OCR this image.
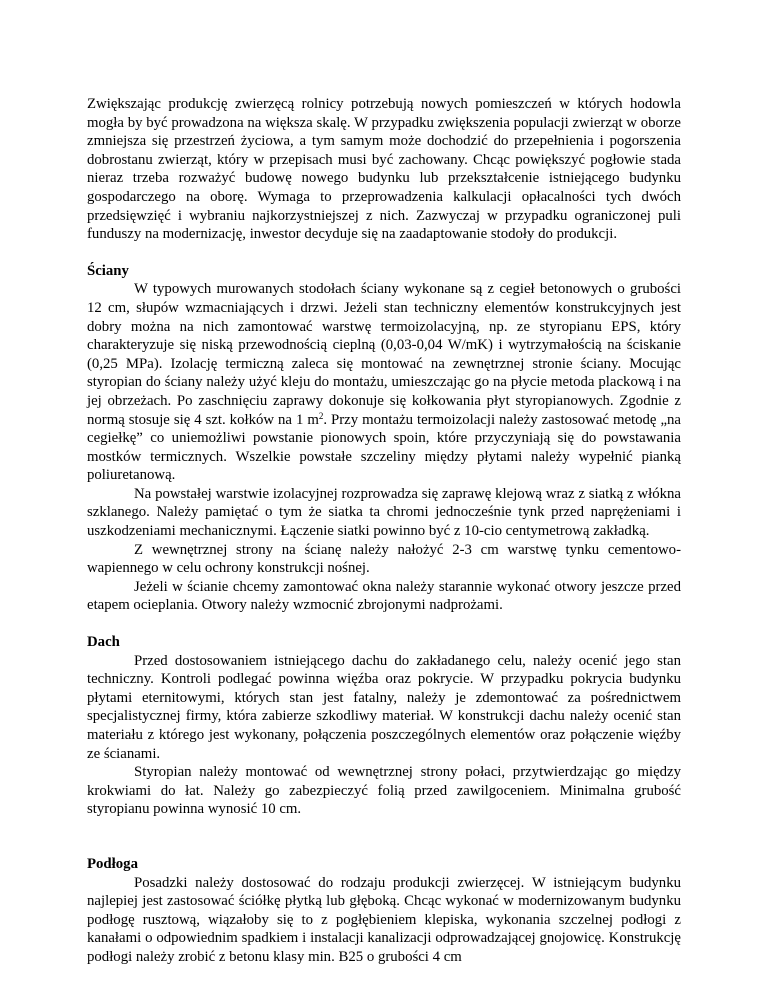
Zwiększając produkcję zwierzęcą rolnicy potrzebują nowych pomieszczeń w których hodowla mogła by być prowadzona na większa skalę. W przypadku zwiększenia populacji zwierząt w oborze zmniejsza się przestrzeń życiowa, a tym samym może dochodzić do przepełnienia i pogorszenia dobrostanu zwierząt, który w przepisach musi być zachowany. Chcąc powiększyć pogłowie stada nieraz trzeba rozważyć budowę nowego budynku lub przekształcenie istniejącego budynku gospodarczego na oborę. Wymaga to przeprowadzenia kalkulacji opłacalności tych dwóch przedsięwzięć i wybraniu najkorzystniejszej z nich. Zazwyczaj w przypadku ograniczonej puli funduszy na modernizację, inwestor decyduje się na zaadaptowanie stodoły do produkcji.

Ściany

W typowych murowanych stodołach ściany wykonane są z cegieł betonowych o grubości 12 cm, słupów wzmacniających i drzwi. Jeżeli stan techniczny elementów konstrukcyjnych jest dobry można na nich zamontować warstwę termoizolacyjną, np. ze styropianu EPS, który charakteryzuje się niską przewodnością cieplną (0,03-0,04 W/mK) i wytrzymałością na ściskanie (0,25 MPa). Izolację termiczną zaleca się montować na zewnętrznej stronie ściany. Mocując styropian do ściany należy użyć kleju do montażu, umieszczając go na płycie metoda plackową i na jej obrzeżach. Po zaschnięciu zaprawy dokonuje się kołkowania płyt styropianowych. Zgodnie z normą stosuje się 4 szt. kołków na 1 $m^2$. Przy montażu termoizolacji należy zastosować metodę „na cegiełkę” co uniemożliwi powstanie pionowych spoin, które przyczyniają się do powstawania mostków termicznych. Wszelkie powstałe szczeliny między płytami należy wypełnić pianką poliuretanową.

Na powstałej warstwie izolacyjnej rozprowadza się zaprawę klejową wraz z siatką z włókna szklanego. Należy pamiętać o tym że siatka ta chromi jednocześnie tynk przed naprężeniami i uszkodzeniami mechanicznymi. Łączenie siatki powinno być z 10-cio centymetrową zakładką.

Z wewnętrznej strony na ścianę należy nałożyć 2-3 cm warstwę tynku cementowo-wapiennego w celu ochrony konstrukcji nośnej.

Jeżeli w ścianie chcemy zamontować okna należy starannie wykonać otwory jeszcze przed etapem ocieplania. Otwory należy wzmocnić zbrojonymi nadprożami.

Dach

Przed dostosowaniem istniejącego dachu do zakładanego celu, należy ocenić jego stan techniczny. Kontroli podlegać powinna więźba oraz pokrycie. W przypadku pokrycia budynku płytami eternitowymi, których stan jest fatalny, należy je zdemontować za pośrednictwem specjalistycznej firmy, która zabierze szkodliwy materiał. W konstrukcji dachu należy ocenić stan materiału z którego jest wykonany, połączenia poszczególnych elementów oraz połączenie więźby ze ścianami.

Styropian należy montować od wewnętrznej strony połaci, przytwierdzając go między krokwiami do łat. Należy go zabezpieczyć folią przed zawilgoceniem. Minimalna grubość styropianu powinna wynosić 10 cm.

Podłoga

Posadzki należy dostosować do rodzaju produkcji zwierzęcej. W istniejącym budynku najlepiej jest zastosować ściółkę płytką lub głęboką. Chcąc wykonać w modernizowanym budynku podłogę rusztową, wiązałoby się to z pogłębieniem klepiska, wykonania szczelnej podłogi z kanałami o odpowiednim spadkiem i instalacji kanalizacji odprowadzającej gnojowicę. Konstrukcję podłogi należy zrobić z betonu klasy min. B25 o grubości 4 cm
